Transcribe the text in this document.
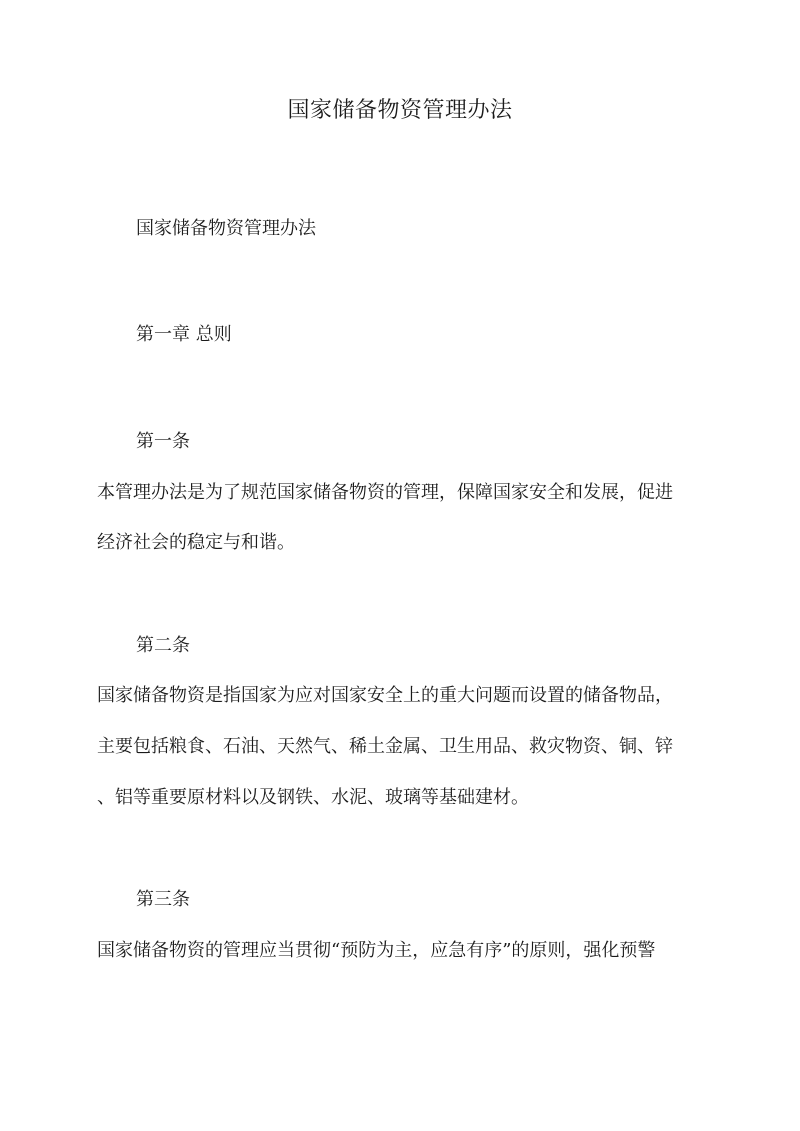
国家储备物资管理办法

国家储备物资管理办法

第一章 总则

第一条

本管理办法是为了规范国家储备物资的管理，保障国家安全和发展，促进

经济社会的稳定与和谐。

第二条

国家储备物资是指国家为应对国家安全上的重大问题而设置的储备物品，

主要包括粮食、石油、天然气、稀土金属、卫生用品、救灾物资、铜、锌

、铝等重要原材料以及钢铁、水泥、玻璃等基础建材。

第三条

国家储备物资的管理应当贯彻“预防为主，应急有序”的原则，强化预警
